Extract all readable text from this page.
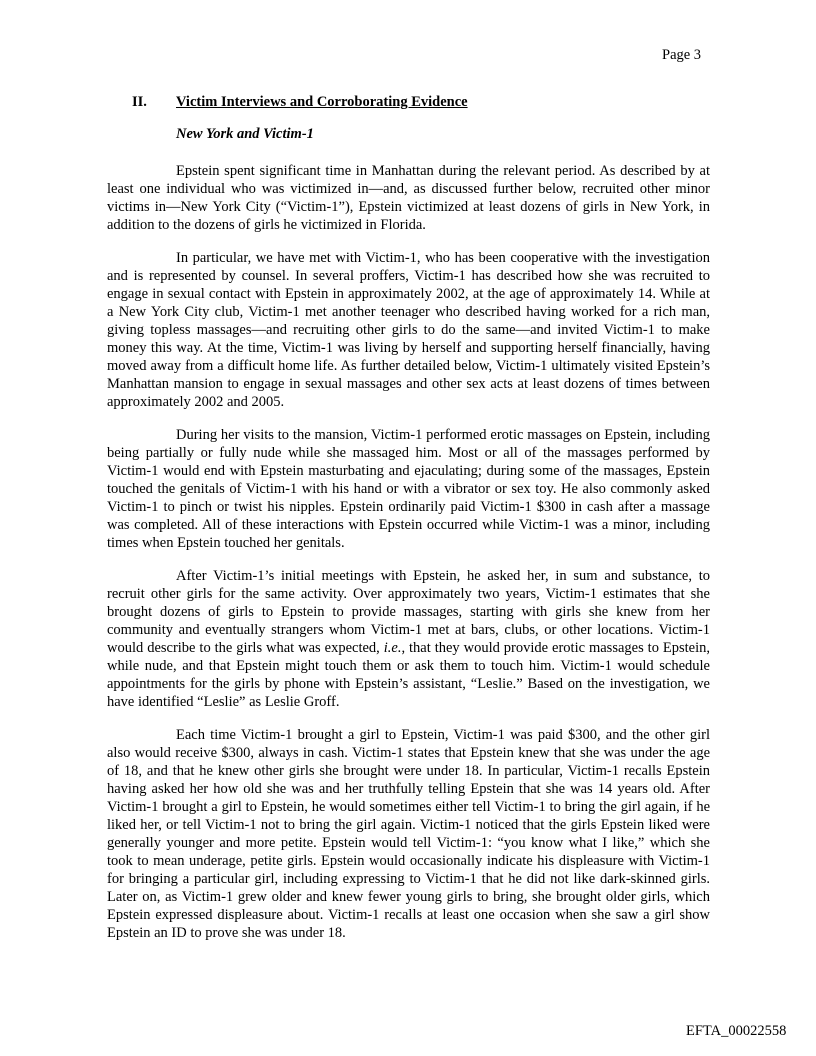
Page 3
II. Victim Interviews and Corroborating Evidence
New York and Victim-1

Epstein spent significant time in Manhattan during the relevant period. As described by at least one individual who was victimized in—and, as discussed further below, recruited other minor victims in—New York City (“Victim-1”), Epstein victimized at least dozens of girls in New York, in addition to the dozens of girls he victimized in Florida.

In particular, we have met with Victim-1, who has been cooperative with the investigation and is represented by counsel. In several proffers, Victim-1 has described how she was recruited to engage in sexual contact with Epstein in approximately 2002, at the age of approximately 14. While at a New York City club, Victim-1 met another teenager who described having worked for a rich man, giving topless massages—and recruiting other girls to do the same—and invited Victim-1 to make money this way. At the time, Victim-1 was living by herself and supporting herself financially, having moved away from a difficult home life. As further detailed below, Victim-1 ultimately visited Epstein’s Manhattan mansion to engage in sexual massages and other sex acts at least dozens of times between approximately 2002 and 2005.

During her visits to the mansion, Victim-1 performed erotic massages on Epstein, including being partially or fully nude while she massaged him. Most or all of the massages performed by Victim-1 would end with Epstein masturbating and ejaculating; during some of the massages, Epstein touched the genitals of Victim-1 with his hand or with a vibrator or sex toy. He also commonly asked Victim-1 to pinch or twist his nipples. Epstein ordinarily paid Victim-1 $300 in cash after a massage was completed. All of these interactions with Epstein occurred while Victim-1 was a minor, including times when Epstein touched her genitals.

After Victim-1’s initial meetings with Epstein, he asked her, in sum and substance, to recruit other girls for the same activity. Over approximately two years, Victim-1 estimates that she brought dozens of girls to Epstein to provide massages, starting with girls she knew from her community and eventually strangers whom Victim-1 met at bars, clubs, or other locations. Victim-1 would describe to the girls what was expected, i.e., that they would provide erotic massages to Epstein, while nude, and that Epstein might touch them or ask them to touch him. Victim-1 would schedule appointments for the girls by phone with Epstein’s assistant, “Leslie.” Based on the investigation, we have identified “Leslie” as Leslie Groff.

Each time Victim-1 brought a girl to Epstein, Victim-1 was paid $300, and the other girl also would receive $300, always in cash. Victim-1 states that Epstein knew that she was under the age of 18, and that he knew other girls she brought were under 18. In particular, Victim-1 recalls Epstein having asked her how old she was and her truthfully telling Epstein that she was 14 years old. After Victim-1 brought a girl to Epstein, he would sometimes either tell Victim-1 to bring the girl again, if he liked her, or tell Victim-1 not to bring the girl again. Victim-1 noticed that the girls Epstein liked were generally younger and more petite. Epstein would tell Victim-1: “you know what I like,” which she took to mean underage, petite girls. Epstein would occasionally indicate his displeasure with Victim-1 for bringing a particular girl, including expressing to Victim-1 that he did not like dark-skinned girls. Later on, as Victim-1 grew older and knew fewer young girls to bring, she brought older girls, which Epstein expressed displeasure about. Victim-1 recalls at least one occasion when she saw a girl show Epstein an ID to prove she was under 18.

EFTA_00022558
